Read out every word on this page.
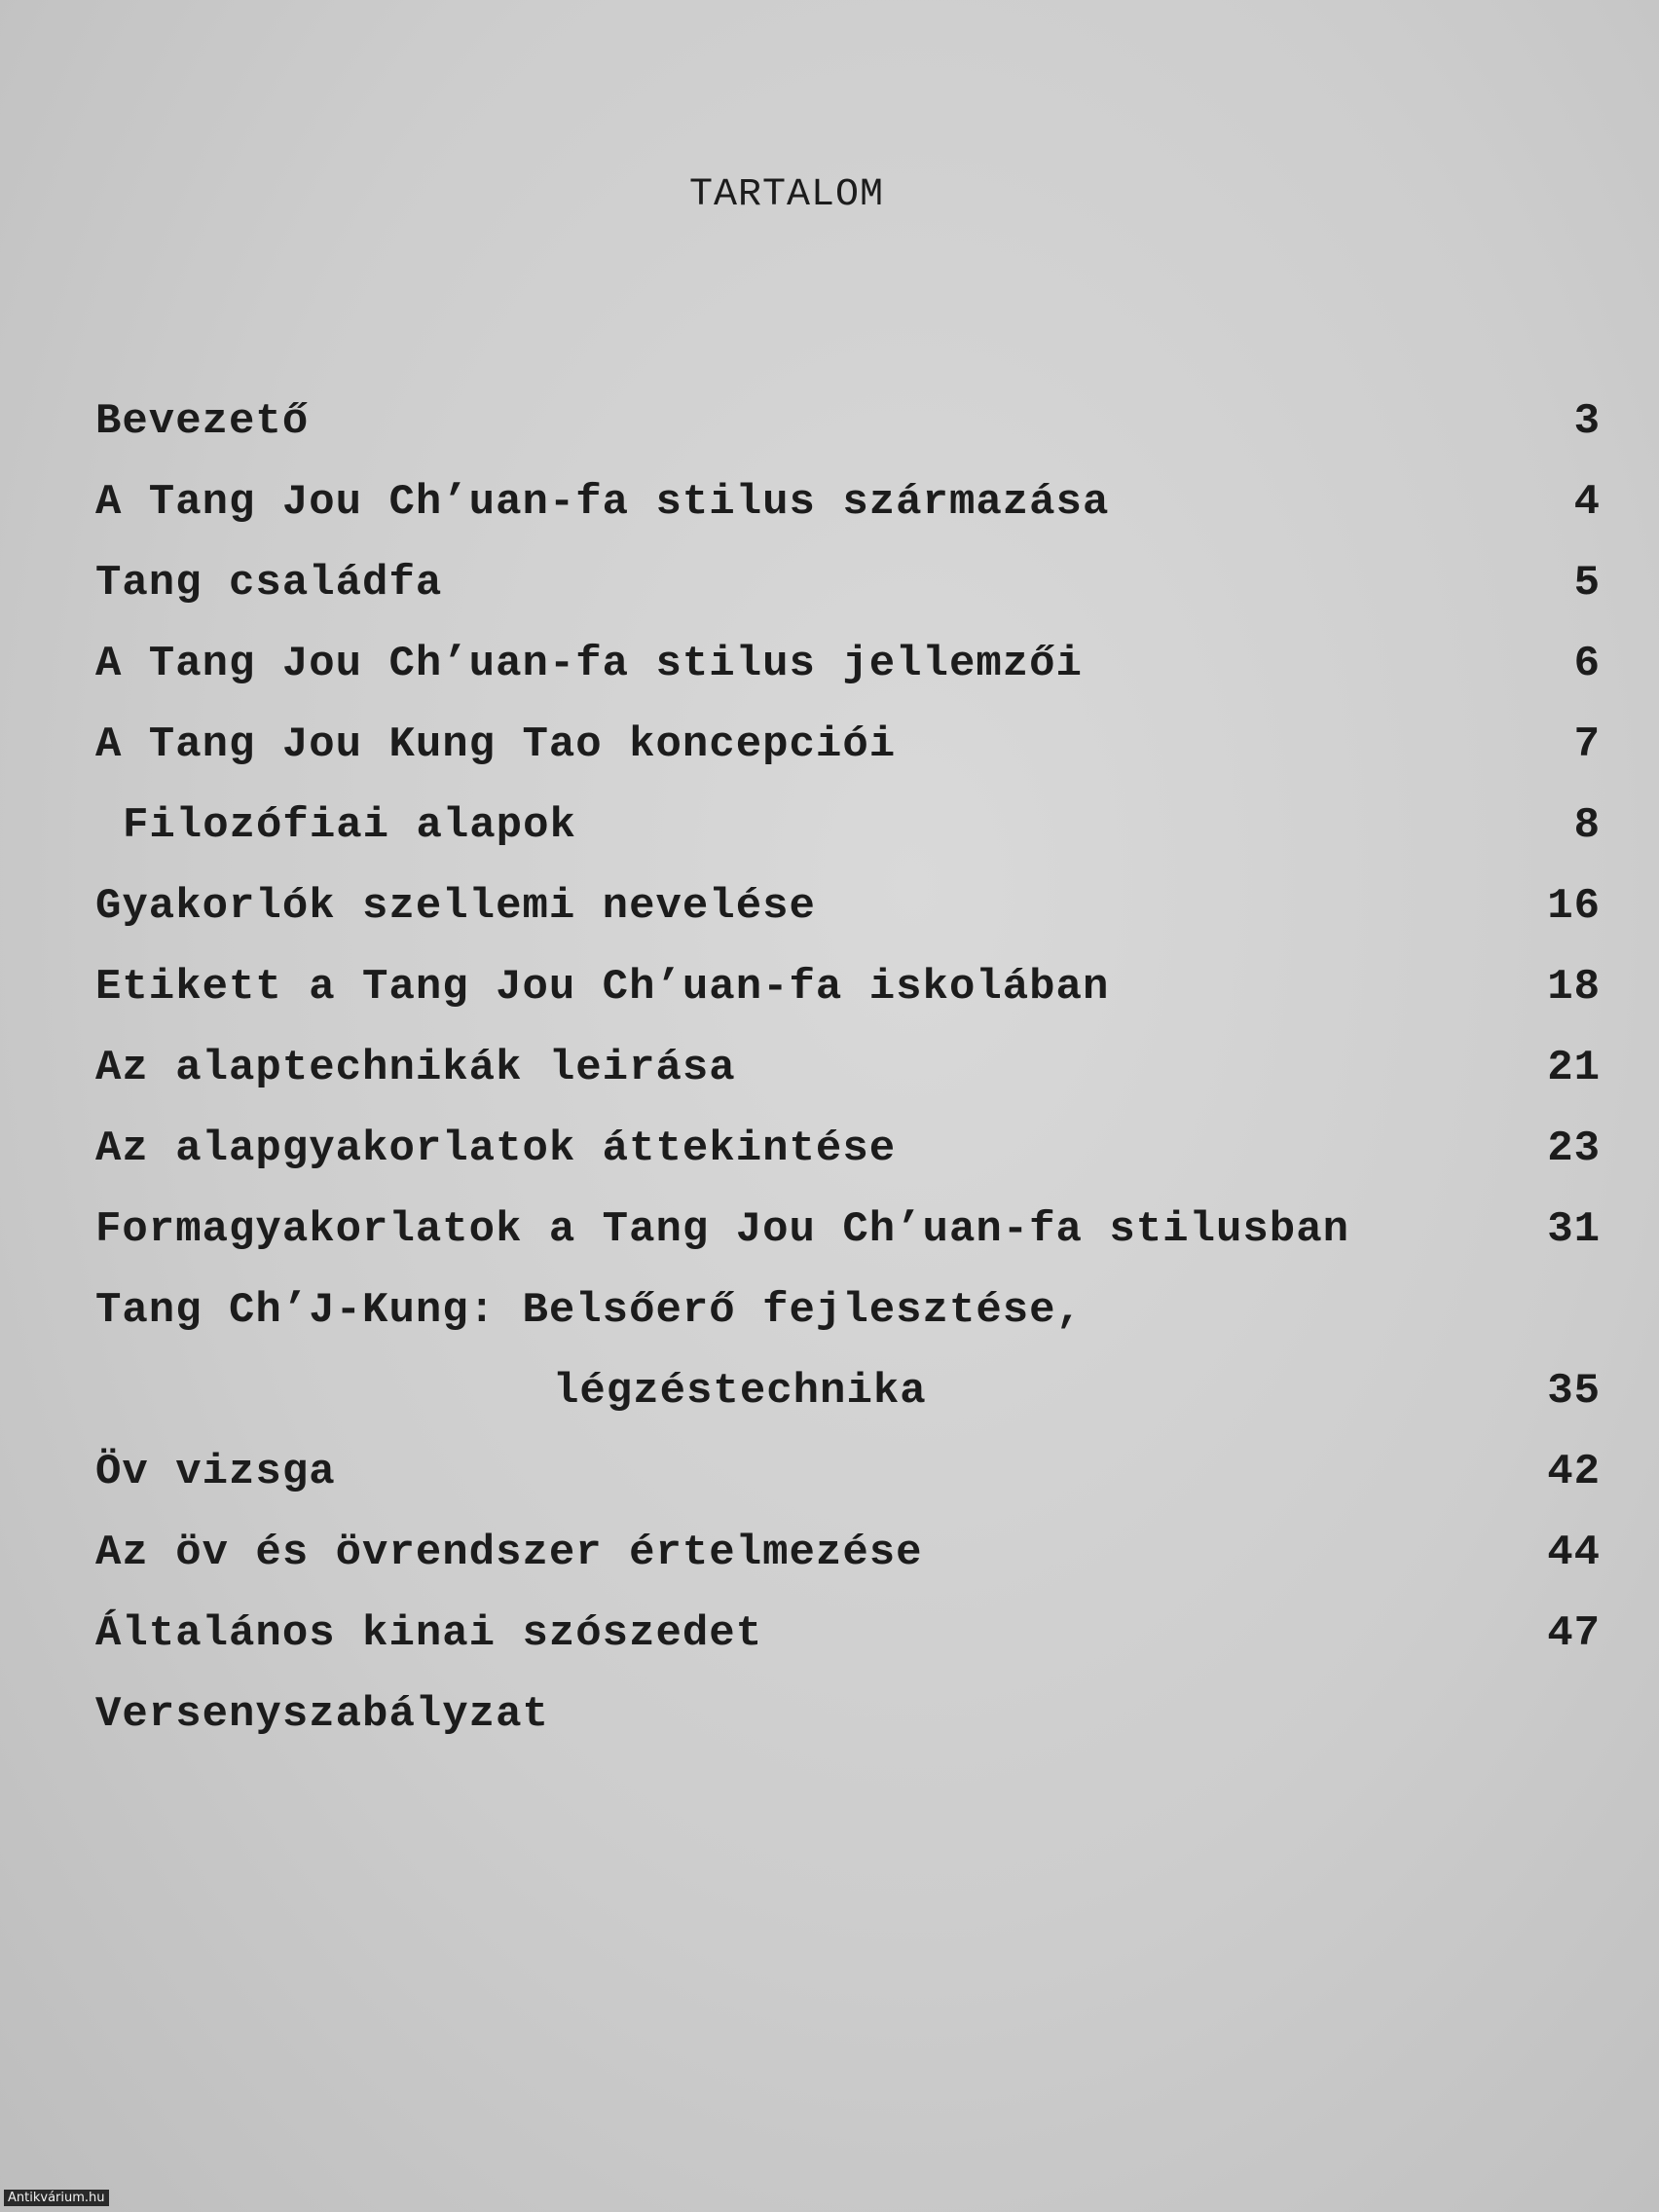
TARTALOM
Bevezető	3
A Tang Jou Ch’uan-fa stilus származása	4
Tang családfa	5
A Tang Jou Ch’uan-fa stilus jellemzői	6
A Tang Jou Kung Tao koncepciói	7
Filozófiai alapok	8
Gyakorlók szellemi nevelése	16
Etikett a Tang Jou Ch’uan-fa iskolában	18
Az alaptechnikák leirása	21
Az alapgyakorlatok áttekintése	23
Formagyakorlatok a Tang Jou Ch’uan-fa stilusban	31
Tang Ch’J-Kung: Belsőerő fejlesztése,
légzéstechnika	35
Öv vizsga	42
Az öv és övrendszer értelmezése	44
Általános kinai szószedet	47
Versenyszabályzat
Antikvárium.hu
